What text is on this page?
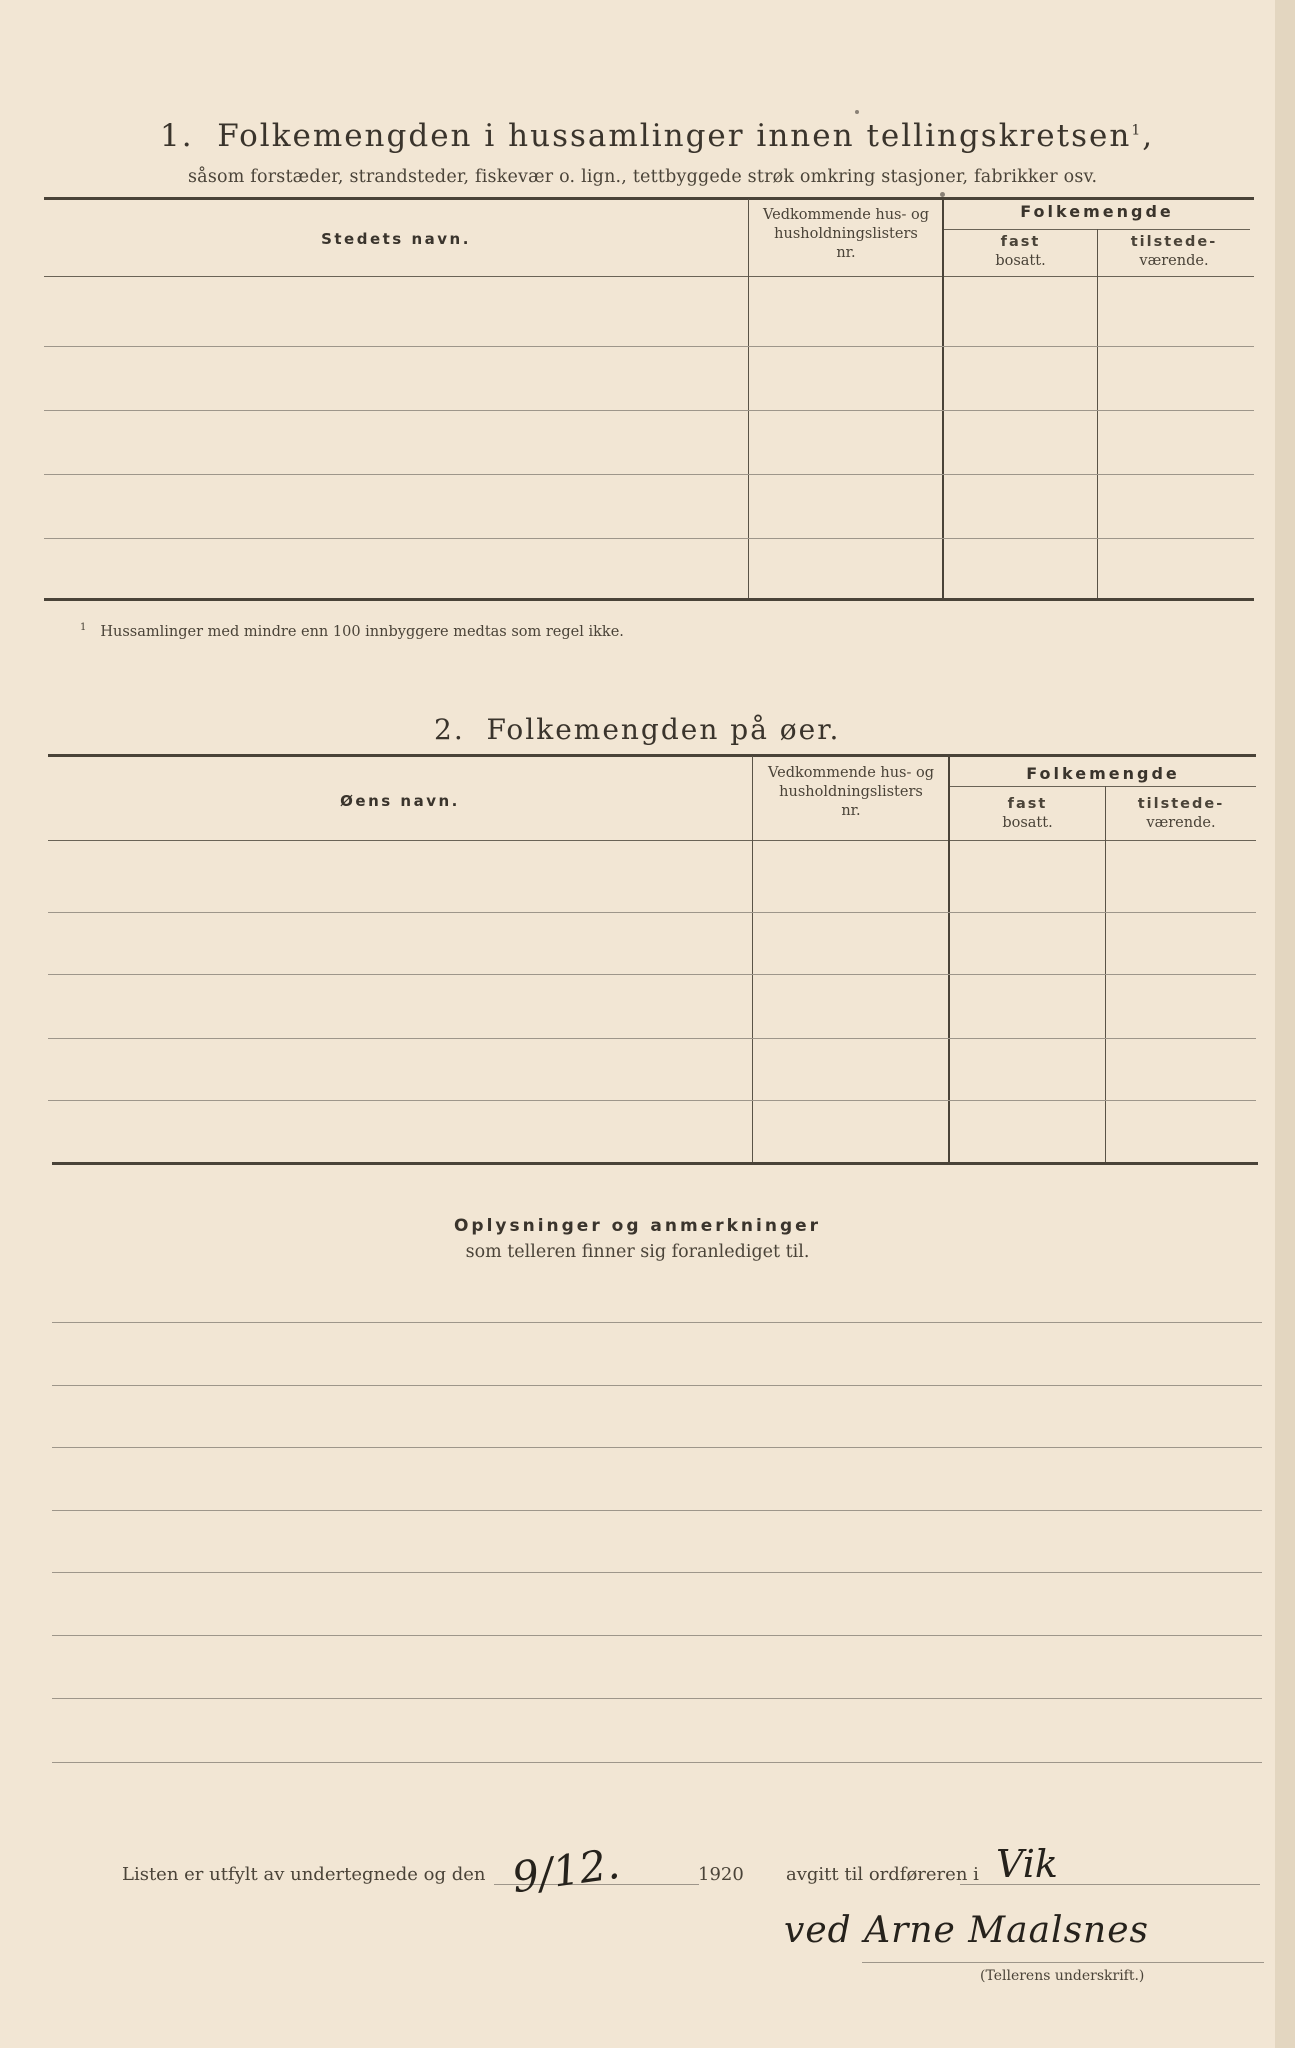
1. Folkemengden i hussamlinger innen tellingskretsen$^1$,
såsom forstæder, strandsteder, fiskevær o. lign., tettbyggede strøk omkring stasjoner, fabrikker osv.
Stedets navn.
Vedkommende hus- og
husholdningslisters
nr.
Folkemengde
fast
bosatt.
tilstede-
værende.
$^1$ Hussamlinger med mindre enn 100 innbyggere medtas som regel ikke.
2. Folkemengden på øer.
Øens navn.
Vedkommende hus- og
husholdningslisters
nr.
Folkemengde
fast
bosatt.
tilstede-
værende.
Oplysninger og anmerkninger
som telleren finner sig foranlediget til.
Listen er utfylt av undertegnede og den 9/12.	1920 avgitt til ordføreren i Vik
ved Arne Maalsnes
(Tellerens underskrift.)
